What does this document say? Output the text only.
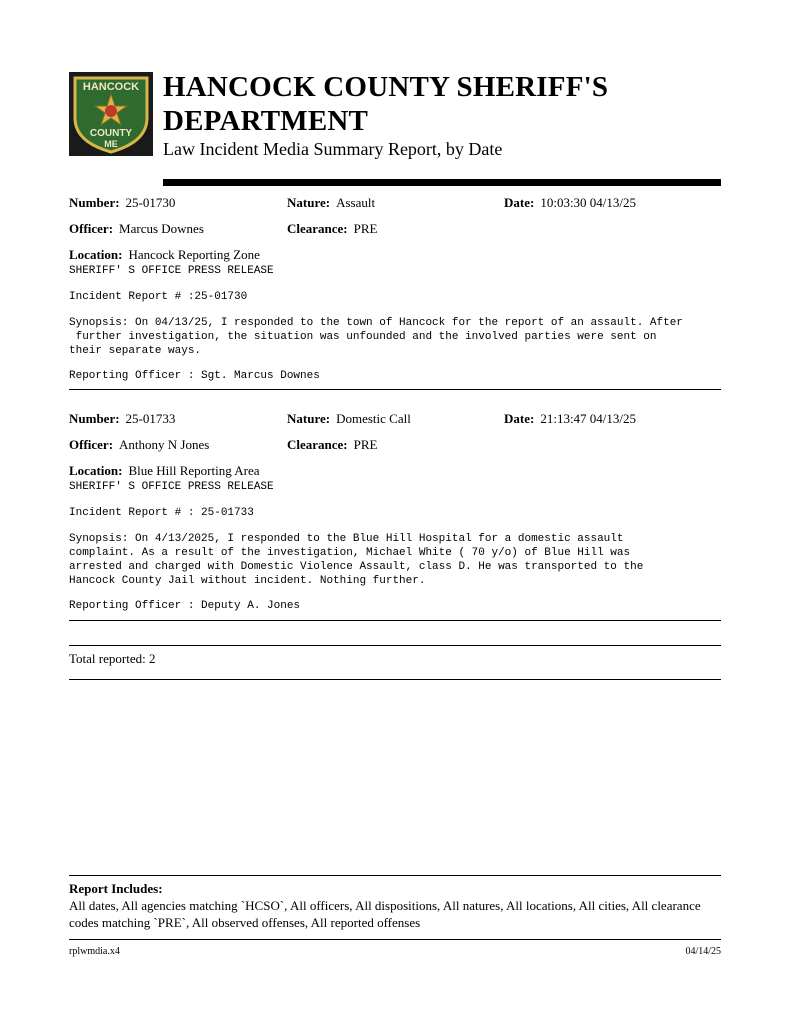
HANCOCK
COUNTY
ME
HANCOCK COUNTY SHERIFF'S
DEPARTMENT
Law Incident Media Summary Report, by Date
Number: 25-01730	Nature: Assault	Date: 10:03:30 04/13/25
Officer: Marcus Downes	Clearance: PRE
Location: Hancock Reporting Zone
SHERIFF' S OFFICE PRESS RELEASE
Incident Report # :25-01730
Synopsis: On 04/13/25, I responded to the town of Hancock for the report of an assault. After
further investigation, the situation was unfounded and the involved parties were sent on
their separate ways.
Reporting Officer : Sgt. Marcus Downes
Number: 25-01733	Nature: Domestic Call	Date: 21:13:47 04/13/25
Officer: Anthony N Jones	Clearance: PRE
Location: Blue Hill Reporting Area
SHERIFF' S OFFICE PRESS RELEASE
Incident Report # : 25-01733
Synopsis: On 4/13/2025, I responded to the Blue Hill Hospital for a domestic assault
complaint. As a result of the investigation, Michael White ( 70 y/o) of Blue Hill was
arrested and charged with Domestic Violence Assault, class D. He was transported to the
Hancock County Jail without incident. Nothing further.
Reporting Officer : Deputy A. Jones
Total reported: 2
Report Includes:
All dates, All agencies matching `HCSO`, All officers, All dispositions, All natures, All locations, All cities, All clearance codes matching `PRE`, All observed offenses, All reported offenses
rplwmdia.x4	04/14/25
